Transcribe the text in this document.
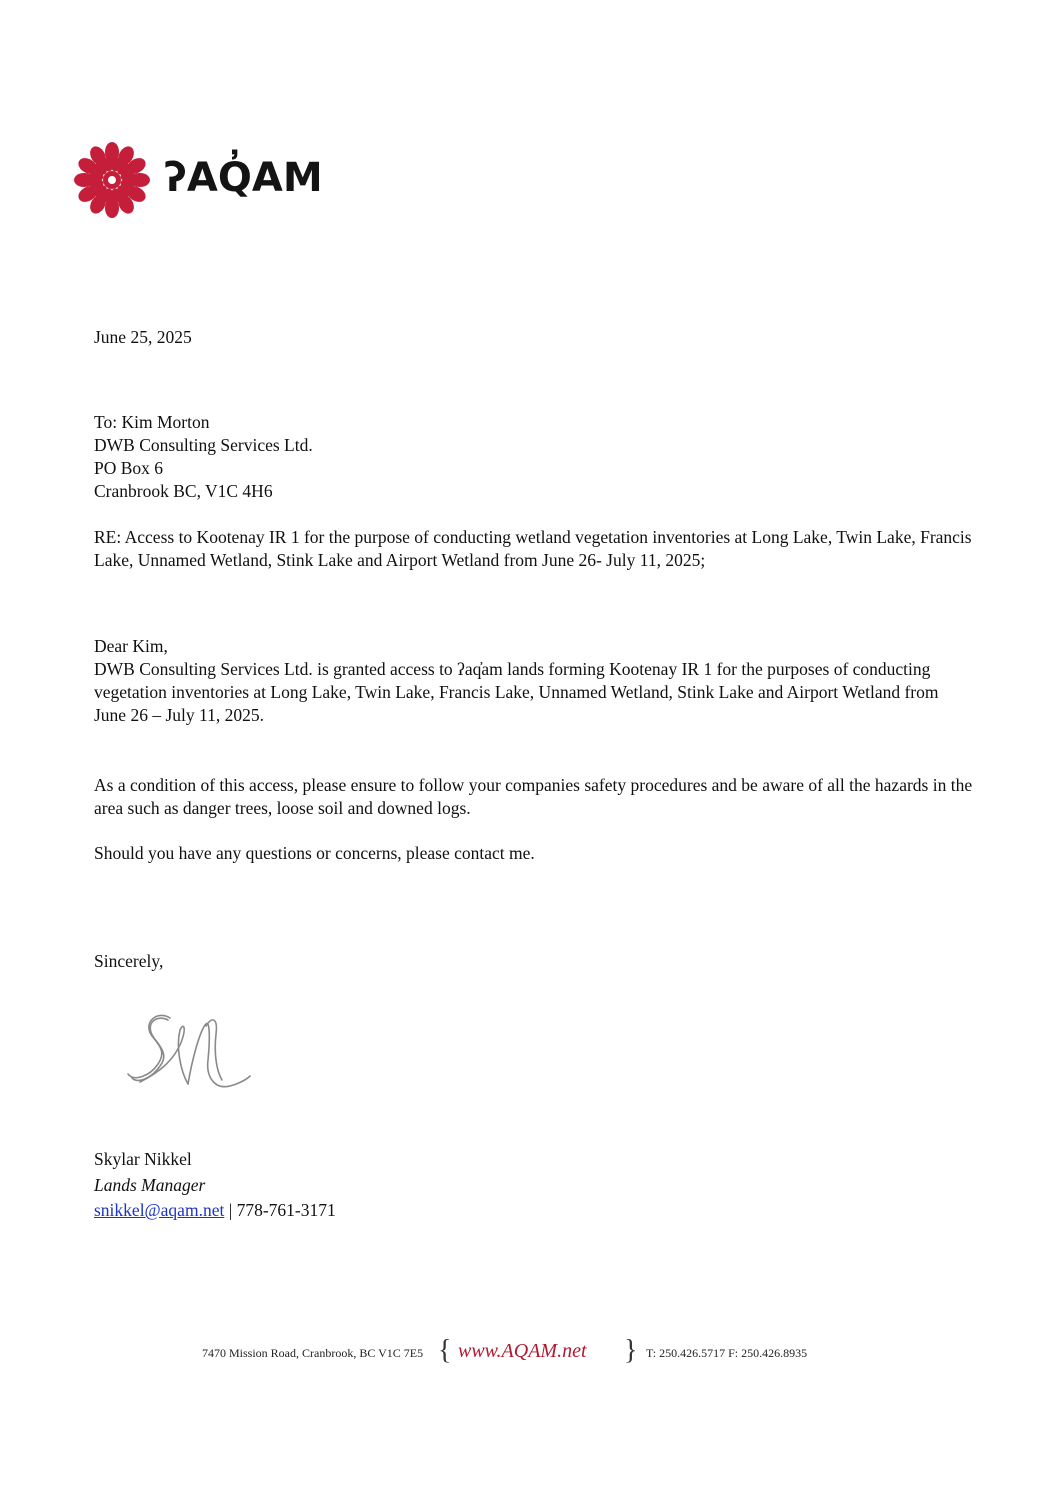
ʔAQ̓AM
June 25, 2025
To: Kim Morton
DWB Consulting Services Ltd.
PO Box 6
Cranbrook BC, V1C 4H6
RE: Access to Kootenay IR 1 for the purpose of conducting wetland vegetation inventories at Long Lake, Twin Lake, Francis Lake, Unnamed Wetland, Stink Lake and Airport Wetland from June 26- July 11, 2025;
Dear Kim,
DWB Consulting Services Ltd. is granted access to ʔaq̓am lands forming Kootenay IR 1 for the purposes of conducting vegetation inventories at Long Lake, Twin Lake, Francis Lake, Unnamed Wetland, Stink Lake and Airport Wetland from June 26 – July 11, 2025.
As a condition of this access, please ensure to follow your companies safety procedures and be aware of all the hazards in the area such as danger trees, loose soil and downed logs.
Should you have any questions or concerns, please contact me.
Sincerely,
Skylar Nikkel
Lands Manager
snikkel@aqam.net | 778-761-3171
7470 Mission Road, Cranbrook, BC V1C 7E5 { www.AQAM.net } T: 250.426.5717 F: 250.426.8935
